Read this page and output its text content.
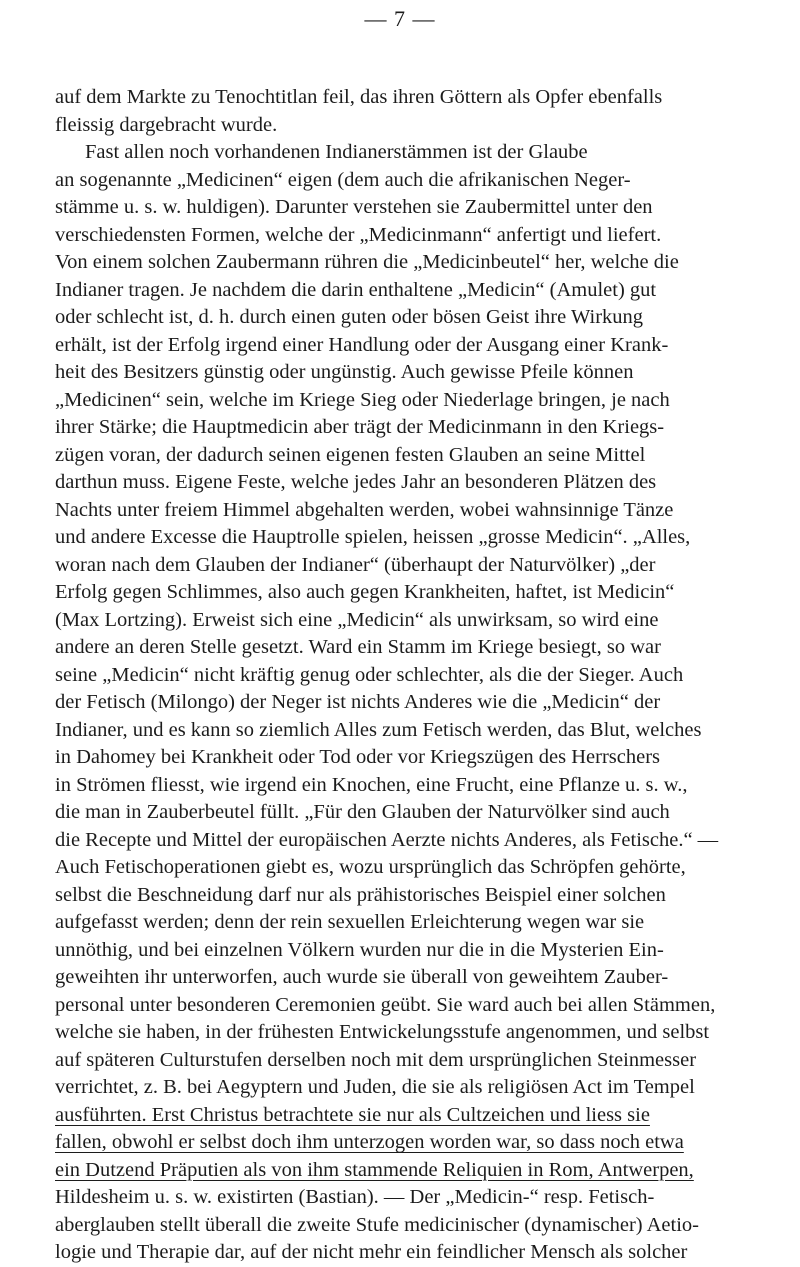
— 7 —
auf dem Markte zu Tenochtitlan feil, das ihren Göttern als Opfer ebenfalls
fleissig dargebracht wurde.
Fast allen noch vorhandenen Indianerstämmen ist der Glaube
an sogenannte „Medicinen“ eigen (dem auch die afrikanischen Neger-
stämme u. s. w. huldigen). Darunter verstehen sie Zaubermittel unter den
verschiedensten Formen, welche der „Medicinmann“ anfertigt und liefert.
Von einem solchen Zaubermann rühren die „Medicinbeutel“ her, welche die
Indianer tragen. Je nachdem die darin enthaltene „Medicin“ (Amulet) gut
oder schlecht ist, d. h. durch einen guten oder bösen Geist ihre Wirkung
erhält, ist der Erfolg irgend einer Handlung oder der Ausgang einer Krank-
heit des Besitzers günstig oder ungünstig. Auch gewisse Pfeile können
„Medicinen“ sein, welche im Kriege Sieg oder Niederlage bringen, je nach
ihrer Stärke; die Hauptmedicin aber trägt der Medicinmann in den Kriegs-
zügen voran, der dadurch seinen eigenen festen Glauben an seine Mittel
darthun muss. Eigene Feste, welche jedes Jahr an besonderen Plätzen des
Nachts unter freiem Himmel abgehalten werden, wobei wahnsinnige Tänze
und andere Excesse die Hauptrolle spielen, heissen „grosse Medicin“. „Alles,
woran nach dem Glauben der Indianer“ (überhaupt der Naturvölker) „der
Erfolg gegen Schlimmes, also auch gegen Krankheiten, haftet, ist Medicin“
(Max Lortzing). Erweist sich eine „Medicin“ als unwirksam, so wird eine
andere an deren Stelle gesetzt. Ward ein Stamm im Kriege besiegt, so war
seine „Medicin“ nicht kräftig genug oder schlechter, als die der Sieger. Auch
der Fetisch (Milongo) der Neger ist nichts Anderes wie die „Medicin“ der
Indianer, und es kann so ziemlich Alles zum Fetisch werden, das Blut, welches
in Dahomey bei Krankheit oder Tod oder vor Kriegszügen des Herrschers
in Strömen fliesst, wie irgend ein Knochen, eine Frucht, eine Pflanze u. s. w.,
die man in Zauberbeutel füllt. „Für den Glauben der Naturvölker sind auch
die Recepte und Mittel der europäischen Aerzte nichts Anderes, als Fetische.“ —
Auch Fetischoperationen giebt es, wozu ursprünglich das Schröpfen gehörte,
selbst die Beschneidung darf nur als prähistorisches Beispiel einer solchen
aufgefasst werden; denn der rein sexuellen Erleichterung wegen war sie
unnöthig, und bei einzelnen Völkern wurden nur die in die Mysterien Ein-
geweihten ihr unterworfen, auch wurde sie überall von geweihtem Zauber-
personal unter besonderen Ceremonien geübt. Sie ward auch bei allen Stämmen,
welche sie haben, in der frühesten Entwickelungsstufe angenommen, und selbst
auf späteren Culturstufen derselben noch mit dem ursprünglichen Steinmesser
verrichtet, z. B. bei Aegyptern und Juden, die sie als religiösen Act im Tempel
ausführten. Erst Christus betrachtete sie nur als Cultzeichen und liess sie
fallen, obwohl er selbst doch ihm unterzogen worden war, so dass noch etwa
ein Dutzend Präputien als von ihm stammende Reliquien in Rom, Antwerpen,
Hildesheim u. s. w. existirten (Bastian). — Der „Medicin-“ resp. Fetisch-
aberglauben stellt überall die zweite Stufe medicinischer (dynamischer) Aetio-
logie und Therapie dar, auf der nicht mehr ein feindlicher Mensch als solcher
